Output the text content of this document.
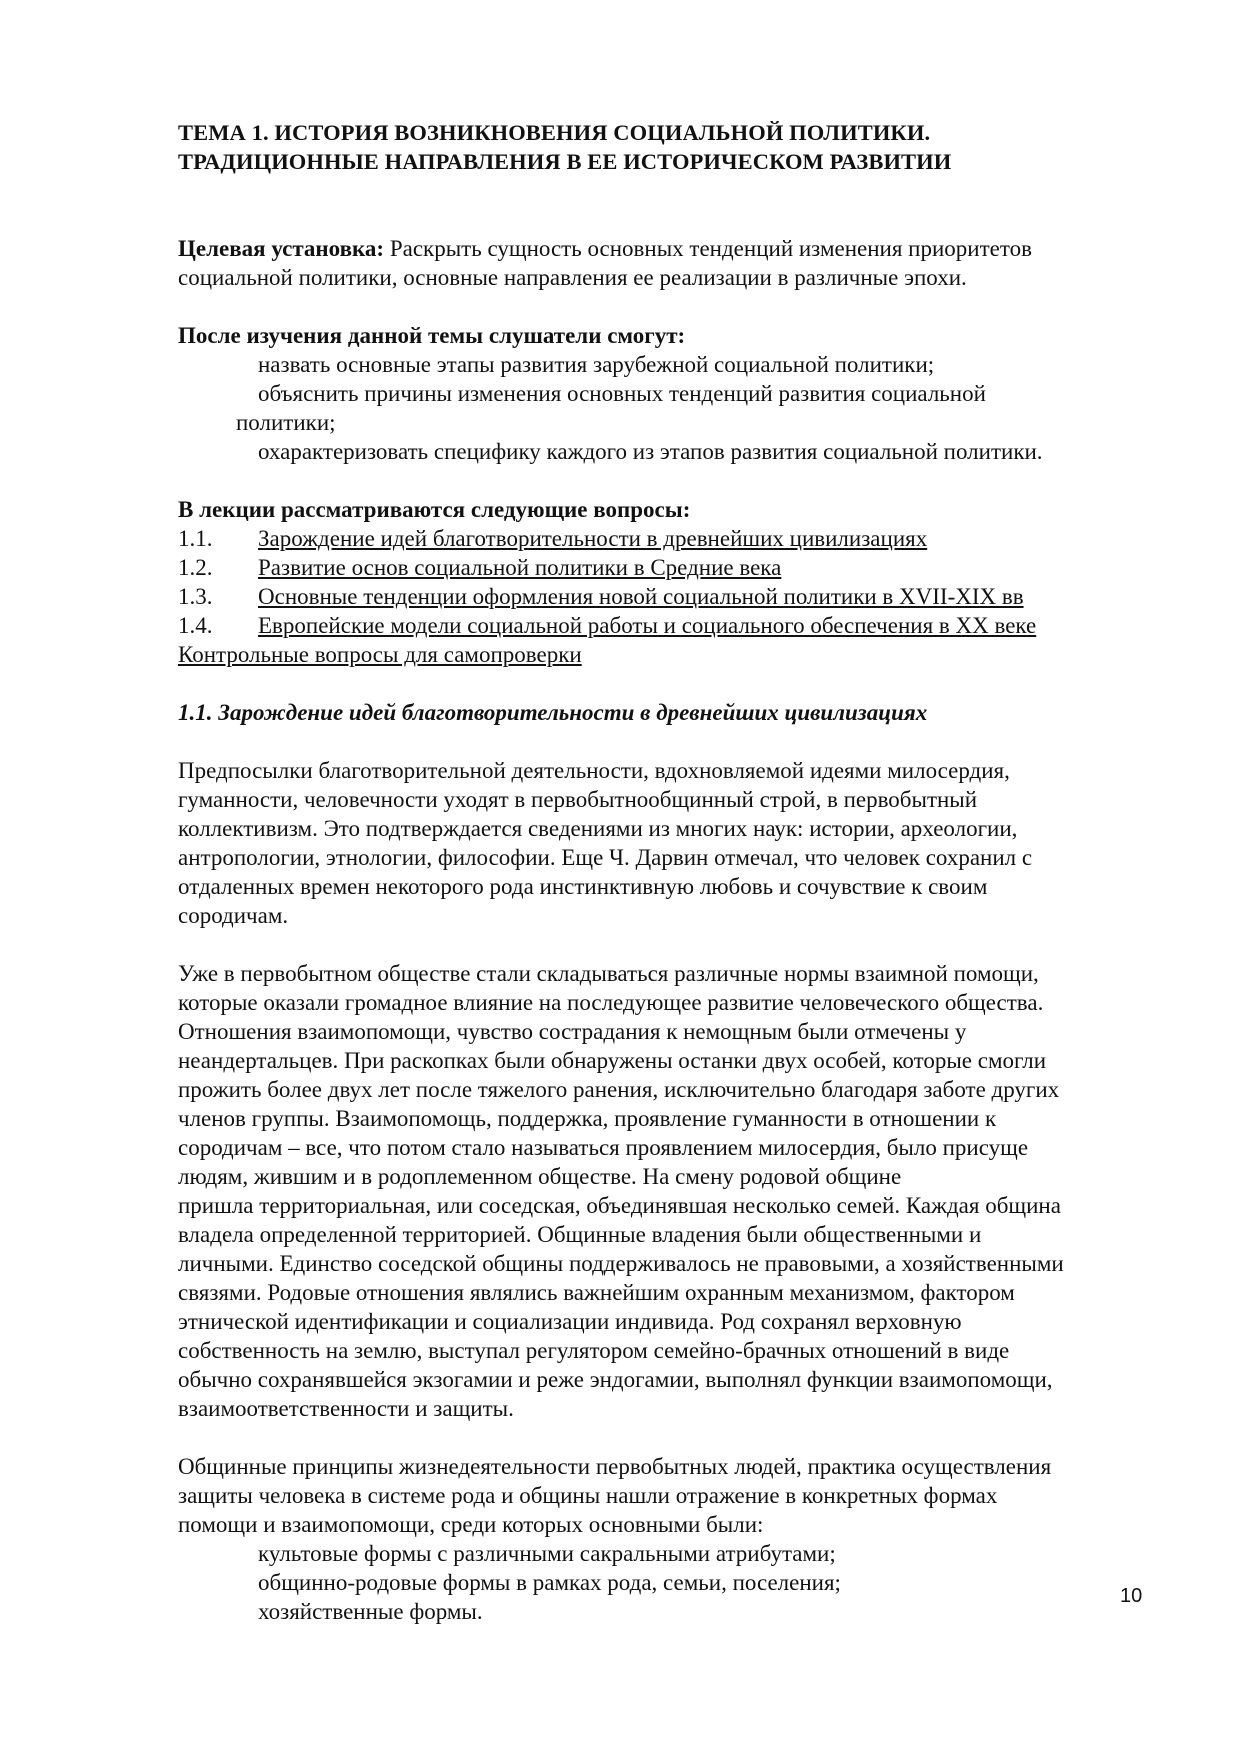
ТЕМА 1. ИСТОРИЯ ВОЗНИКНОВЕНИЯ СОЦИАЛЬНОЙ ПОЛИТИКИ.
ТРАДИЦИОННЫЕ НАПРАВЛЕНИЯ В ЕЕ ИСТОРИЧЕСКОМ РАЗВИТИИ

Целевая установка: Раскрыть сущность основных тенденций изменения приоритетов

социальной политики, основные направления ее реализации в различные эпохи.

После изучения данной темы слушатели смогут:

назвать основные этапы развития зарубежной социальной политики;

объяснить причины изменения основных тенденций развития социальной

политики;

охарактеризовать специфику каждого из этапов развития социальной политики.

В лекции рассматриваются следующие вопросы:

1.1.	Зарождение идей благотворительности в древнейших цивилизациях
1.2.	Развитие основ социальной политики в Средние века
1.3.	Основные тенденции оформления новой социальной политики в XVII-XIX вв
1.4.	Европейские модели социальной работы и социального обеспечения в XX веке

Контрольные вопросы для самопроверки

1.1. Зарождение идей благотворительности в древнейших цивилизациях

Предпосылки благотворительной деятельности, вдохновляемой идеями милосердия,

гуманности, человечности уходят в первобытнообщинный строй, в первобытный

коллективизм. Это подтверждается сведениями из многих наук: истории, археологии,

антропологии, этнологии, философии. Еще Ч. Дарвин отмечал, что человек сохранил с

отдаленных времен некоторого рода инстинктивную любовь и сочувствие к своим

сородичам.

Уже в первобытном обществе стали складываться различные нормы взаимной помощи,

которые оказали громадное влияние на последующее развитие человеческого общества.

Отношения взаимопомощи, чувство сострадания к немощным были отмечены у

неандертальцев. При раскопках были обнаружены останки двух особей, которые смогли

прожить более двух лет после тяжелого ранения, исключительно благодаря заботе других

членов группы. Взаимопомощь, поддержка, проявление гуманности в отношении к

сородичам – все, что потом стало называться проявлением милосердия, было присуще

людям, жившим и в родоплеменном обществе. На смену родовой общине

пришла территориальная, или соседская, объединявшая несколько семей. Каждая община

владела определенной территорией. Общинные владения были общественными и

личными. Единство соседской общины поддерживалось не правовыми, а хозяйственными

связями. Родовые отношения являлись важнейшим охранным механизмом, фактором

этнической идентификации и социализации индивида. Род сохранял верховную

собственность на землю, выступал регулятором семейно-брачных отношений в виде

обычно сохранявшейся экзогамии и реже эндогамии, выполнял функции взаимопомощи,

взаимоответственности и защиты.

Общинные принципы жизнедеятельности первобытных людей, практика осуществления

защиты человека в системе рода и общины нашли отражение в конкретных формах

помощи и взаимопомощи, среди которых основными были:

культовые формы с различными сакральными атрибутами;

общинно-родовые формы в рамках рода, семьи, поселения;

хозяйственные формы.

10
